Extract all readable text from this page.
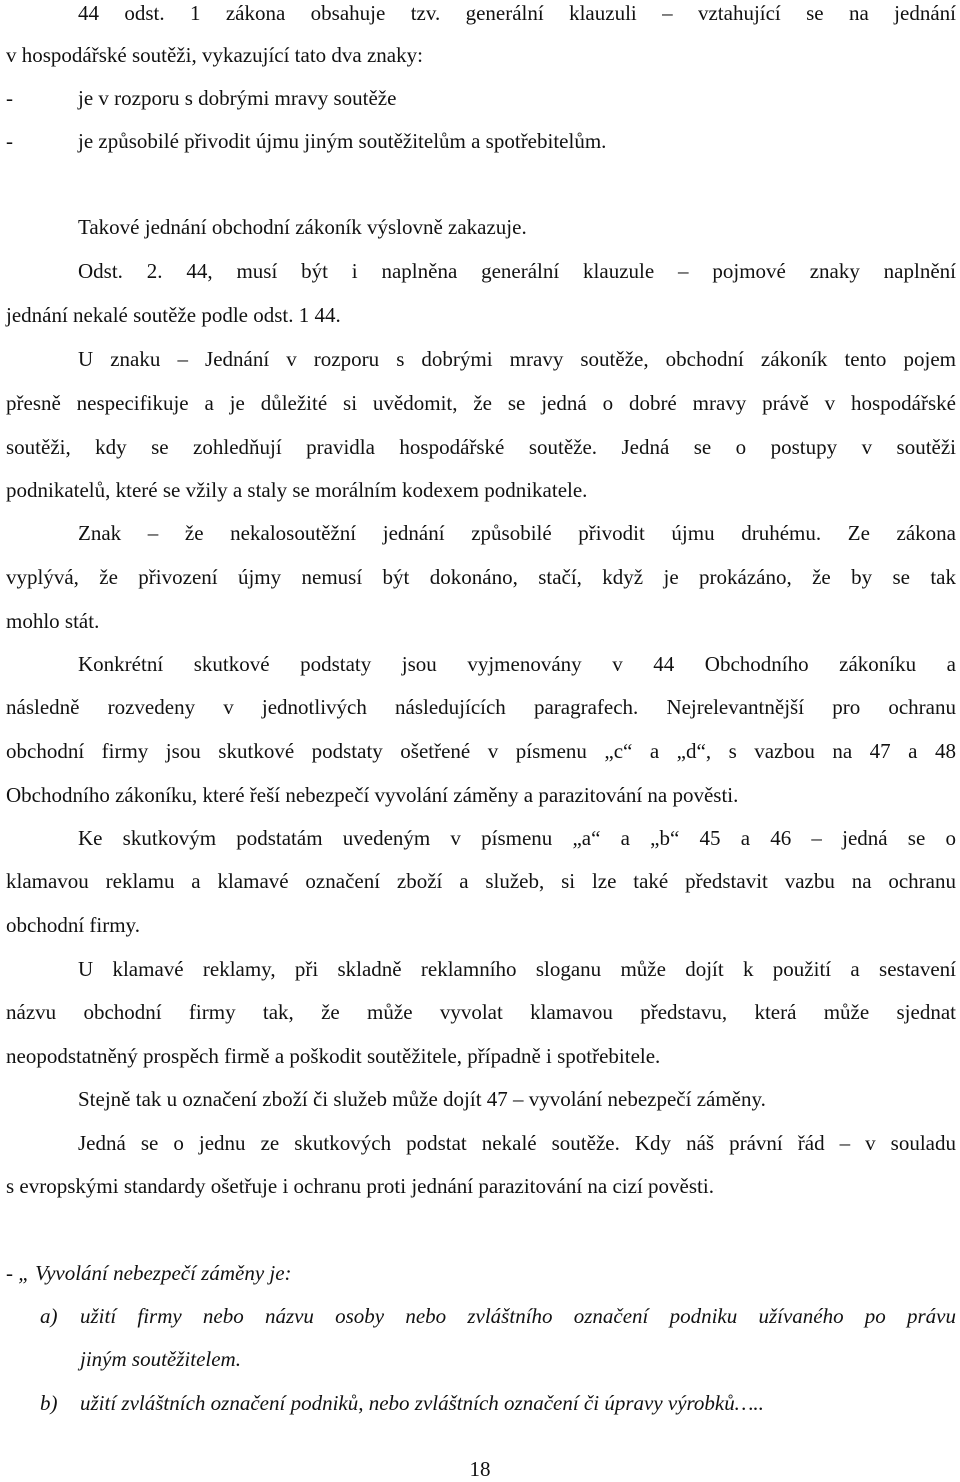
44 odst. 1 zákona obsahuje tzv. generální klauzuli – vztahující se na jednání
v hospodářské soutěži, vykazující tato dva znaky:
-	je v rozporu s dobrými mravy soutěže
-	je způsobilé přivodit újmu jiným soutěžitelům a spotřebitelům.
Takové jednání obchodní zákoník výslovně zakazuje.
Odst. 2. 44, musí být i naplněna generální klauzule – pojmové znaky naplnění
jednání nekalé soutěže podle odst. 1 44.
U znaku – Jednání v rozporu s dobrými mravy soutěže, obchodní zákoník tento pojem
přesně nespecifikuje a je důležité si uvědomit, že se jedná o dobré mravy právě v hospodářské
soutěži, kdy se zohledňují pravidla hospodářské soutěže. Jedná se o postupy v soutěži
podnikatelů, které se vžily a staly se morálním kodexem podnikatele.
Znak – že nekalosoutěžní jednání způsobilé přivodit újmu druhému. Ze zákona
vyplývá, že přivození újmy nemusí být dokonáno, stačí, když je prokázáno, že by se tak
mohlo stát.
Konkrétní skutkové podstaty jsou vyjmenovány v 44 Obchodního zákoníku a
následně rozvedeny v jednotlivých následujících paragrafech. Nejrelevantnější pro ochranu
obchodní firmy jsou skutkové podstaty ošetřené v písmenu „c“ a „d“, s vazbou na 47 a 48
Obchodního zákoníku, které řeší nebezpečí vyvolání záměny a parazitování na pověsti.
Ke skutkovým podstatám uvedeným v písmenu „a“ a „b“ 45 a 46 – jedná se o
klamavou reklamu a klamavé označení zboží a služeb, si lze také představit vazbu na ochranu
obchodní firmy.
U klamavé reklamy, při skladně reklamního sloganu může dojít k použití a sestavení
názvu obchodní firmy tak, že může vyvolat klamavou představu, která může sjednat
neopodstatněný prospěch firmě a poškodit soutěžitele, případně i spotřebitele.
Stejně tak u označení zboží či služeb může dojít 47 – vyvolání nebezpečí záměny.
Jedná se o jednu ze skutkových podstat nekalé soutěže. Kdy náš právní řád – v souladu
s evropskými standardy ošetřuje i ochranu proti jednání parazitování na cizí pověsti.
- „ Vyvolání nebezpečí záměny je:
a) užití firmy nebo názvu osoby nebo zvláštního označení podniku užívaného po právu
jiným soutěžitelem.
b) užití zvláštních označení podniků, nebo zvláštních označení či úpravy výrobků…..
18
